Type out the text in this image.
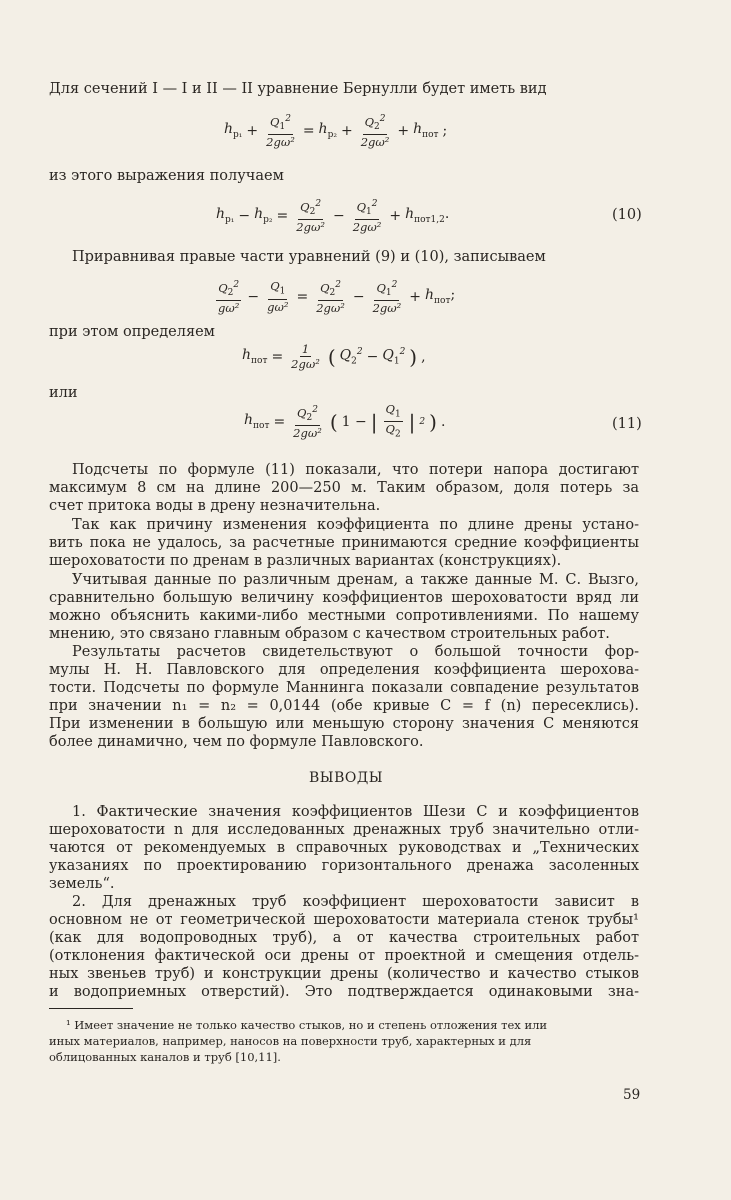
Для сечений I — I и II — II уравнение Бернулли будет иметь вид
$h_{p_1} + \frac{Q_1^2}{\text{2gω²}} = h_{p_2} + \frac{Q_2^2}{\text{2gω²}} + h_{пот}$ ;
из этого выражения получаем
$h_{p_1} - h_{p_2} = \frac{Q_2^2}{\text{2gω²}} - \frac{Q_1^2}{\text{2gω²}} + h_{пот1,2}$.	(10)
Приравнивая правые части уравнений (9) и (10), записываем
$\frac{Q_2^2}{\text{gω²}} - \frac{Q_1}{\text{gω²}} = \frac{Q_2^2}{\text{2gω²}} - \frac{Q_1^2}{\text{2gω²}} + h_{пот}$;
при этом определяем
$h_{пот} = \frac{1}{\text{2gω²}}$ ( $Q_2^2 - Q_1^2$ ) ,
или
$h_{пот} = \frac{Q_2^2}{\text{2gω²}}$ ( 1 − | $\frac{Q_1}{Q_2}$ | 2 ) .	(11)
Подсчеты по формуле (11) показали, что потери напора достигают
максимум 8 см на длине 200—250 м. Таким образом, доля потерь за
счет притока воды в дрену незначительна.
Так как причину изменения коэффициента по длине дрены устано-
вить пока не удалось, за расчетные принимаются средние коэффициенты
шероховатости по дренам в различных вариантах (конструкциях).
Учитывая данные по различным дренам, а также данные М. С. Вызго,
сравнительно большую величину коэффициентов шероховатости вряд ли
можно объяснить какими-либо местными сопротивлениями. По нашему
мнению, это связано главным образом с качеством строительных работ.
Результаты расчетов свидетельствуют о большой точности фор-
мулы Н. Н. Павловского для определения коэффициента шерохова-
тости. Подсчеты по формуле Маннинга показали совпадение результатов
при значении n₁ = n₂ = 0,0144 (обе кривые C = f (n) пересеклись).
При изменении в большую или меньшую сторону значения C меняются
более динамично, чем по формуле Павловского.
ВЫВОДЫ
1. Фактические значения коэффициентов Шези C и коэффициентов
шероховатости n для исследованных дренажных труб значительно отли-
чаются от рекомендуемых в справочных руководствах и „Технических
указаниях по проектированию горизонтального дренажа засоленных
земель“.
2. Для дренажных труб коэффициент шероховатости зависит в
основном не от геометрической шероховатости материала стенок трубы¹
(как для водопроводных труб), а от качества строительных работ
(отклонения фактической оси дрены от проектной и смещения отдель-
ных звеньев труб) и конструкции дрены (количество и качество стыков
и водоприемных отверстий). Это подтверждается одинаковыми зна-
¹ Имеет значение не только качество стыков, но и степень отложения тех или
иных материалов, например, наносов на поверхности труб, характерных и для
облицованных каналов и труб [10,11].
59
